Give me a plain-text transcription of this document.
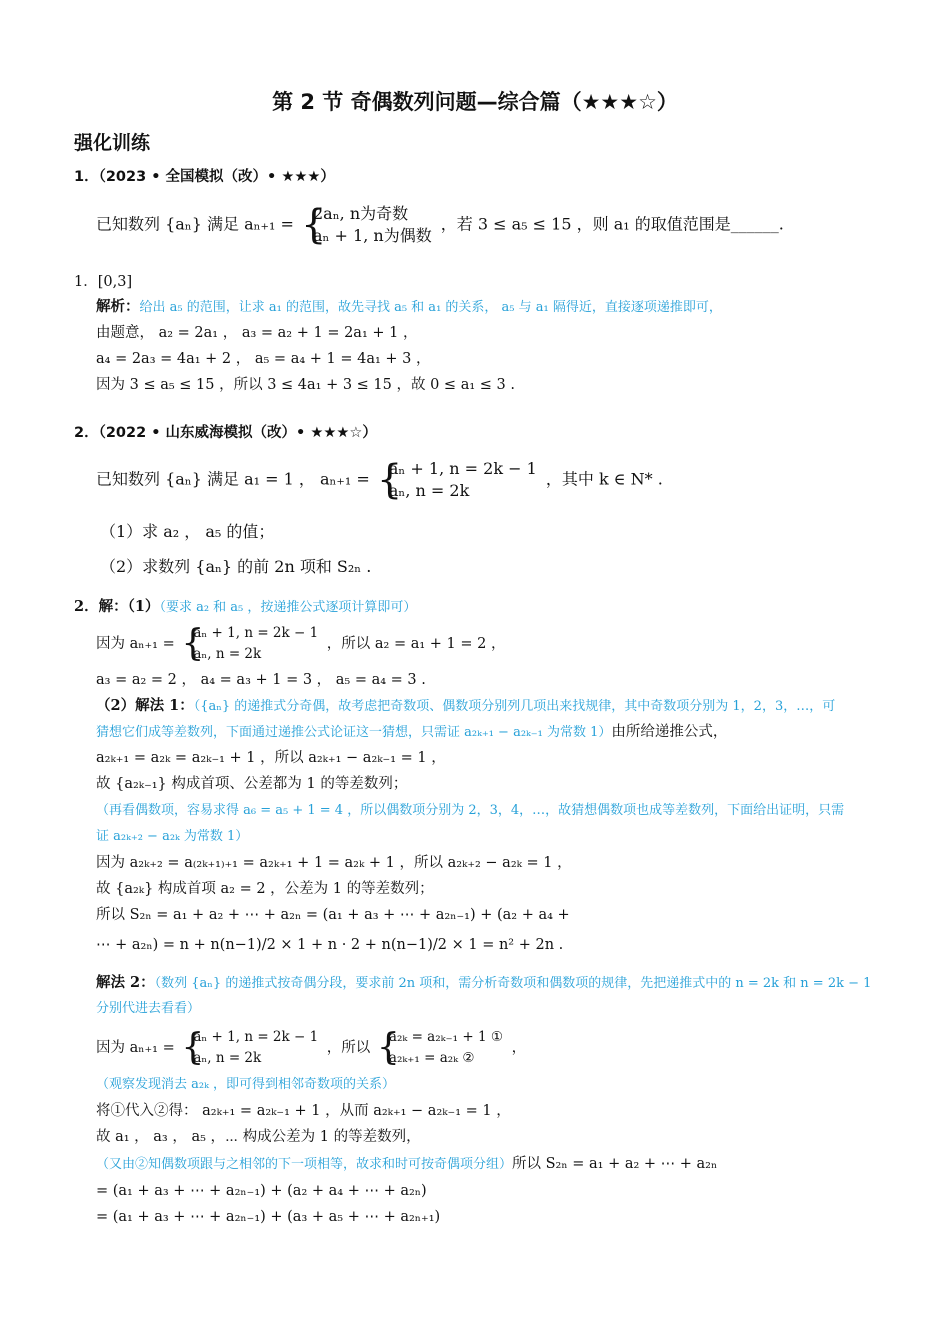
第 2 节 奇偶数列问题—综合篇（★★★☆）
强化训练
1．（2023 • 全国模拟（改）• ★★★）
已知数列 {aₙ} 满足 aₙ₊₁ = {
2aₙ, n为奇数
aₙ + 1, n为偶数
，若 3 ≤ a₅ ≤ 15 ，则 a₁ 的取值范围是______.
1．[0,3]
解析：给出 a₅ 的范围，让求 a₁ 的范围，故先寻找 a₅ 和 a₁ 的关系， a₅ 与 a₁ 隔得近，直接逐项递推即可，
由题意， a₂ = 2a₁ ， a₃ = a₂ + 1 = 2a₁ + 1 ，
a₄ = 2a₃ = 4a₁ + 2 ， a₅ = a₄ + 1 = 4a₁ + 3 ，
因为 3 ≤ a₅ ≤ 15 ，所以 3 ≤ 4a₁ + 3 ≤ 15 ，故 0 ≤ a₁ ≤ 3 .
2．（2022 • 山东威海模拟（改）• ★★★☆）
已知数列 {aₙ} 满足 a₁ = 1 ， aₙ₊₁ = {
aₙ + 1, n = 2k − 1
aₙ, n = 2k
，其中 k ∈ N* .
（1）求 a₂ ， a₅ 的值；
（2）求数列 {aₙ} 的前 2n 项和 S₂ₙ .
2．解：（1）（要求 a₂ 和 a₅ ，按递推公式逐项计算即可）
因为 aₙ₊₁ = {
aₙ + 1, n = 2k − 1
aₙ, n = 2k
，所以 a₂ = a₁ + 1 = 2 ，
a₃ = a₂ = 2 ， a₄ = a₃ + 1 = 3 ， a₅ = a₄ = 3 .
（2）解法 1：（{aₙ} 的递推式分奇偶，故考虑把奇数项、偶数项分别列几项出来找规律，其中奇数项分别为 1，2，3，…，可
猜想它们成等差数列，下面通过递推公式论证这一猜想，只需证 a₂ₖ₊₁ − a₂ₖ₋₁ 为常数 1）由所给递推公式，
a₂ₖ₊₁ = a₂ₖ = a₂ₖ₋₁ + 1 ，所以 a₂ₖ₊₁ − a₂ₖ₋₁ = 1 ，
故 {a₂ₖ₋₁} 构成首项、公差都为 1 的等差数列；
（再看偶数项，容易求得 a₆ = a₅ + 1 = 4 ，所以偶数项分别为 2，3，4，…，故猜想偶数项也成等差数列，下面给出证明，只需
证 a₂ₖ₊₂ − a₂ₖ 为常数 1）
因为 a₂ₖ₊₂ = a₍₂ₖ₊₁₎₊₁ = a₂ₖ₊₁ + 1 = a₂ₖ + 1 ，所以 a₂ₖ₊₂ − a₂ₖ = 1 ，
故 {a₂ₖ} 构成首项 a₂ = 2 ，公差为 1 的等差数列；
所以 S₂ₙ = a₁ + a₂ + ⋯ + a₂ₙ = (a₁ + a₃ + ⋯ + a₂ₙ₋₁) + (a₂ + a₄ +
⋯ + a₂ₙ) = n + n(n−1)/2 × 1 + n · 2 + n(n−1)/2 × 1 = n² + 2n .
解法 2：（数列 {aₙ} 的递推式按奇偶分段，要求前 2n 项和，需分析奇数项和偶数项的规律，先把递推式中的 n = 2k 和 n = 2k − 1
分别代进去看看）
因为 aₙ₊₁ = {
aₙ + 1, n = 2k − 1
aₙ, n = 2k
，所以 {
a₂ₖ = a₂ₖ₋₁ + 1 ①
a₂ₖ₊₁ = a₂ₖ ②
，
（观察发现消去 a₂ₖ ，即可得到相邻奇数项的关系）
将①代入②得： a₂ₖ₊₁ = a₂ₖ₋₁ + 1 ，从而 a₂ₖ₊₁ − a₂ₖ₋₁ = 1 ，
故 a₁ ， a₃ ， a₅ ，⋯ 构成公差为 1 的等差数列，
（又由②知偶数项跟与之相邻的下一项相等，故求和时可按奇偶项分组）所以 S₂ₙ = a₁ + a₂ + ⋯ + a₂ₙ
= (a₁ + a₃ + ⋯ + a₂ₙ₋₁) + (a₂ + a₄ + ⋯ + a₂ₙ)
= (a₁ + a₃ + ⋯ + a₂ₙ₋₁) + (a₃ + a₅ + ⋯ + a₂ₙ₊₁)
